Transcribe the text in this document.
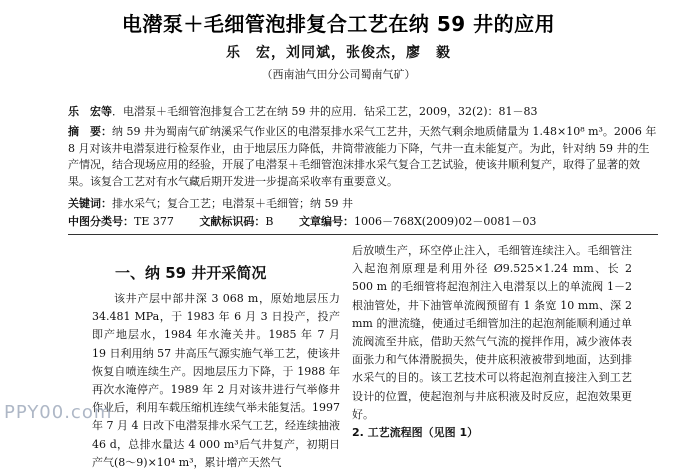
电潜泵＋毛细管泡排复合工艺在纳 59 井的应用
乐　宏，刘同斌，张俊杰，廖　毅
（西南油气田分公司蜀南气矿）
乐　宏等．电潜泵＋毛细管泡排复合工艺在纳 59 井的应用．钻采工艺，2009，32(2)：81－83
摘　要：纳 59 井为蜀南气矿纳溪采气作业区的电潜泵排水采气工艺井，天然气剩余地质储量为 1.48×10⁸ m³。2006 年 8 月对该井电潜泵进行检泵作业，由于地层压力降低，井筒带液能力下降，气井一直未能复产。为此，针对纳 59 井的生产情况，结合现场应用的经验，开展了电潜泵＋毛细管泡沫排水采气复合工艺试验，使该井顺利复产，取得了显著的效果。该复合工艺对有水气藏后期开发进一步提高采收率有重要意义。
关键词：排水采气；复合工艺；电潜泵＋毛细管；纳 59 井
中图分类号：TE 377 文献标识码：B 文章编号：1006－768X(2009)02－0081－03
一、纳 59 井开采简况

该井产层中部井深 3 068 m，原始地层压力 34.481 MPa，于 1983 年 6 月 3 日投产，投产即产地层水，1984 年水淹关井。1985 年 7 月 19 日利用纳 57 井高压气源实施气举工艺，使该井恢复自喷连续生产。因地层压力下降，于 1988 年再次水淹停产。1989 年 2 月对该井进行气举修井作业后，利用车载压缩机连续气举未能复活。1997 年 7 月 4 日改下电潜泵排水采气工艺，经连续抽液 46 d，总排水量达 4 000 m³后气井复产，初期日产气(8～9)×10⁴ m³，累计增产天然气

后放喷生产，环空停止注入，毛细管连续注入。毛细管注入起泡剂原理是利用外径 Ø9.525×1.24 mm、长 2 500 m 的毛细管将起泡剂注入电潜泵以上的单流阀 1－2 根油管处，井下油管单流阀预留有 1 条宽 10 mm、深 2 mm 的泄流缝，使通过毛细管加注的起泡剂能顺利通过单流阀流至井底，借助天然气气流的搅拌作用，减少液体表面张力和气体滑脱损失，使井底积液被带到地面，达到排水采气的目的。该工艺技术可以将起泡剂直接注入到工艺设计的位置，使起泡剂与井底积液及时反应，起泡效果更好。

2. 工艺流程图（见图 1）

PPY00.com
